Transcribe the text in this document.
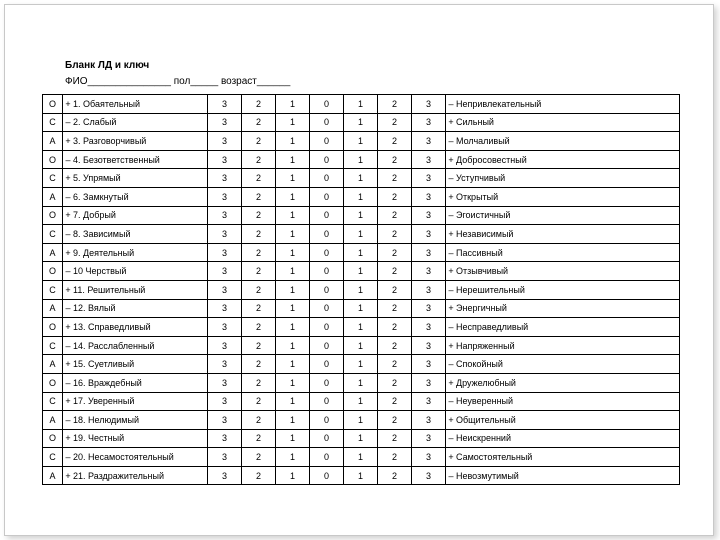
Бланк ЛД и ключ
ФИО_______________ пол_____ возраст______
О	+	1. Обаятельный	3	2	1	0	1	2	3	–	Непривлекательный
С	–	2. Слабый	3	2	1	0	1	2	3	+	Сильный
А	+	3. Разговорчивый	3	2	1	0	1	2	3	–	Молчаливый
О	–	4. Безответственный	3	2	1	0	1	2	3	+	Добросовестный
С	+	5. Упрямый	3	2	1	0	1	2	3	–	Уступчивый
А	–	6. Замкнутый	3	2	1	0	1	2	3	+	Открытый
О	+	7. Добрый	3	2	1	0	1	2	3	–	Эгоистичный
С	–	8. Зависимый	3	2	1	0	1	2	3	+	Независимый
А	+	9. Деятельный	3	2	1	0	1	2	3	–	Пассивный
О	–	10 Черствый	3	2	1	0	1	2	3	+	Отзывчивый
С	+	11. Решительный	3	2	1	0	1	2	3	–	Нерешительный
А	–	12. Вялый	3	2	1	0	1	2	3	+	Энергичный
О	+	13. Справедливый	3	2	1	0	1	2	3	–	Несправедливый
С	–	14. Расслабленный	3	2	1	0	1	2	3	+	Напряженный
А	+	15. Суетливый	3	2	1	0	1	2	3	–	Спокойный
О	–	16. Враждебный	3	2	1	0	1	2	3	+	Дружелюбный
С	+	17. Уверенный	3	2	1	0	1	2	3	–	Неуверенный
А	–	18. Нелюдимый	3	2	1	0	1	2	3	+	Общительный
О	+	19. Честный	3	2	1	0	1	2	3	–	Неискренний
С	–	20. Несамостоятельный	3	2	1	0	1	2	3	+	Самостоятельный
А	+	21. Раздражительный	3	2	1	0	1	2	3	–	Невозмутимый
